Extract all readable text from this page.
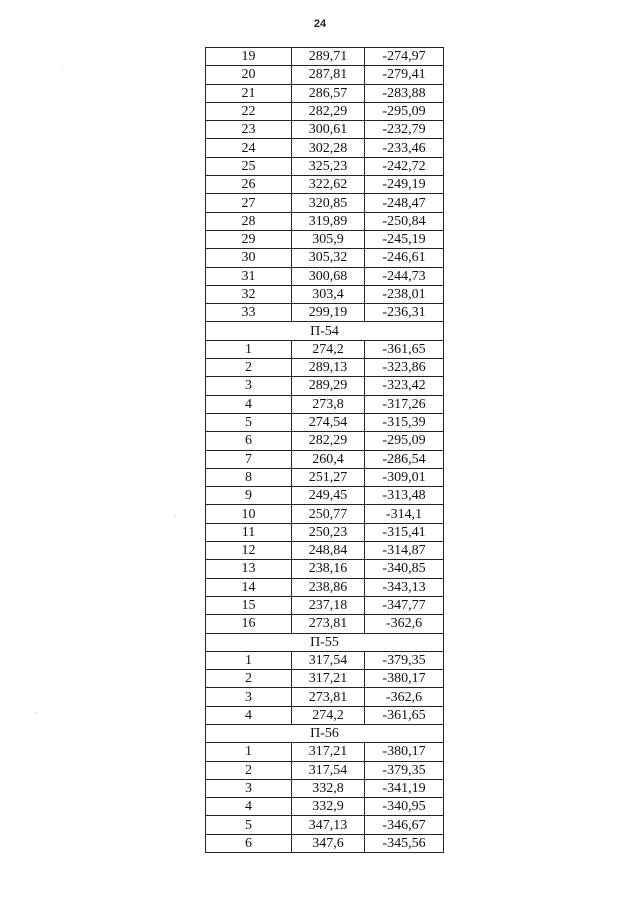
24
19	289,71	-274,97
20	287,81	-279,41
21	286,57	-283,88
22	282,29	-295,09
23	300,61	-232,79
24	302,28	-233,46
25	325,23	-242,72
26	322,62	-249,19
27	320,85	-248,47
28	319,89	-250,84
29	305,9	-245,19
30	305,32	-246,61
31	300,68	-244,73
32	303,4	-238,01
33	299,19	-236,31
П-54		
1	274,2	-361,65
2	289,13	-323,86
3	289,29	-323,42
4	273,8	-317,26
5	274,54	-315,39
6	282,29	-295,09
7	260,4	-286,54
8	251,27	-309,01
9	249,45	-313,48
10	250,77	-314,1
11	250,23	-315,41
12	248,84	-314,87
13	238,16	-340,85
14	238,86	-343,13
15	237,18	-347,77
16	273,81	-362,6
П-55		
1	317,54	-379,35
2	317,21	-380,17
3	273,81	-362,6
4	274,2	-361,65
П-56		
1	317,21	-380,17
2	317,54	-379,35
3	332,8	-341,19
4	332,9	-340,95
5	347,13	-346,67
6	347,6	-345,56
